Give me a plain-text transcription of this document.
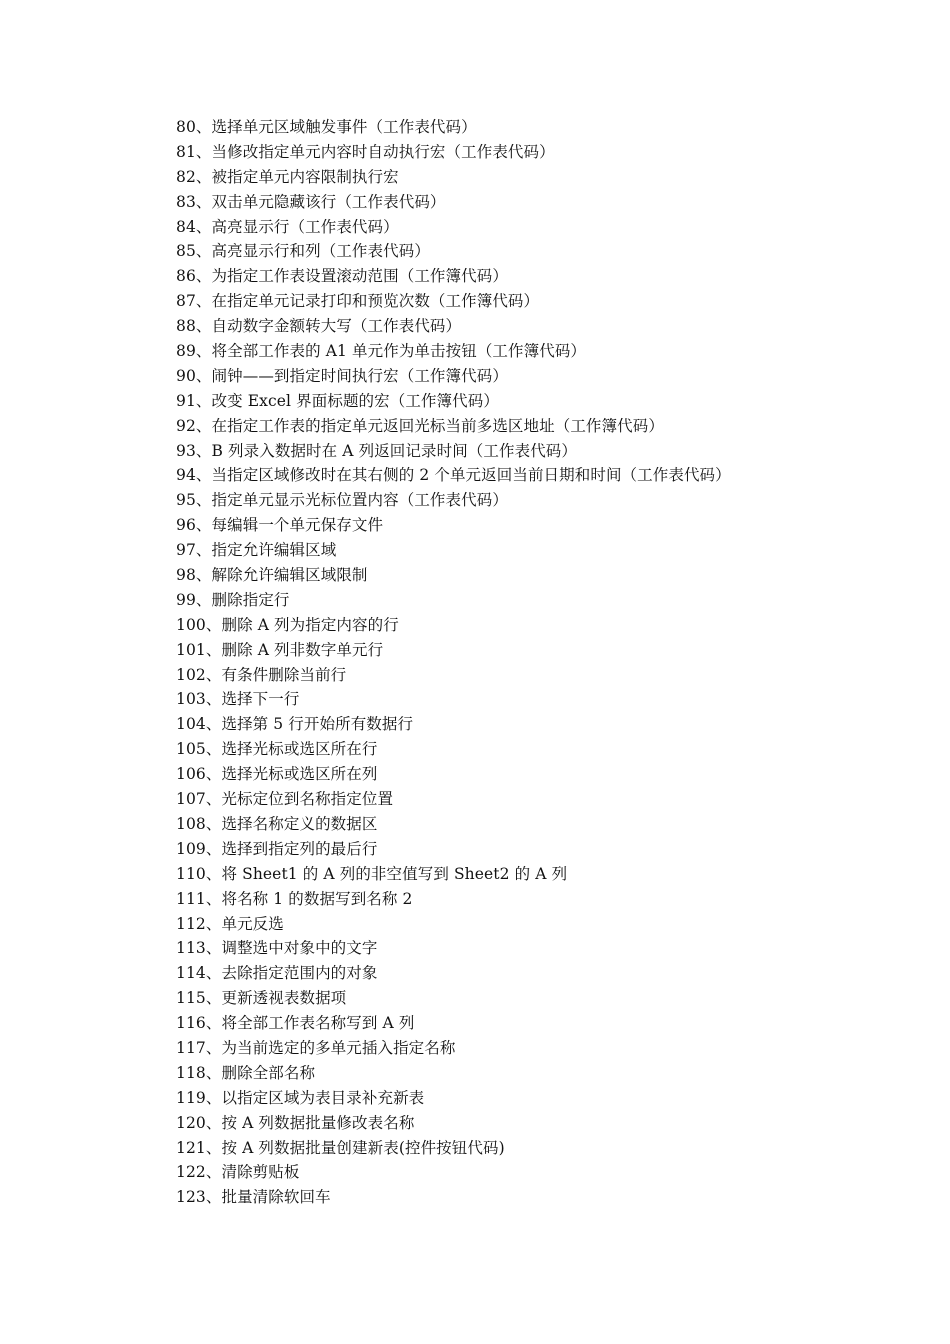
80、选择单元区域触发事件（工作表代码）
81、当修改指定单元内容时自动执行宏（工作表代码）
82、被指定单元内容限制执行宏
83、双击单元隐藏该行（工作表代码）
84、高亮显示行（工作表代码）
85、高亮显示行和列（工作表代码）
86、为指定工作表设置滚动范围（工作簿代码）
87、在指定单元记录打印和预览次数（工作簿代码）
88、自动数字金额转大写（工作表代码）
89、将全部工作表的 A1 单元作为单击按钮（工作簿代码）
90、闹钟——到指定时间执行宏（工作簿代码）
91、改变 Excel 界面标题的宏（工作簿代码）
92、在指定工作表的指定单元返回光标当前多选区地址（工作簿代码）
93、B 列录入数据时在 A 列返回记录时间（工作表代码）
94、当指定区域修改时在其右侧的 2 个单元返回当前日期和时间（工作表代码）
95、指定单元显示光标位置内容（工作表代码）
96、每编辑一个单元保存文件
97、指定允许编辑区域
98、解除允许编辑区域限制
99、删除指定行
100、删除 A 列为指定内容的行
101、删除 A 列非数字单元行
102、有条件删除当前行
103、选择下一行
104、选择第 5 行开始所有数据行
105、选择光标或选区所在行
106、选择光标或选区所在列
107、光标定位到名称指定位置
108、选择名称定义的数据区
109、选择到指定列的最后行
110、将 Sheet1 的 A 列的非空值写到 Sheet2 的 A 列
111、将名称 1 的数据写到名称 2
112、单元反选
113、调整选中对象中的文字
114、去除指定范围内的对象
115、更新透视表数据项
116、将全部工作表名称写到 A 列
117、为当前选定的多单元插入指定名称
118、删除全部名称
119、以指定区域为表目录补充新表
120、按 A 列数据批量修改表名称
121、按 A 列数据批量创建新表(控件按钮代码)
122、清除剪贴板
123、批量清除软回车
